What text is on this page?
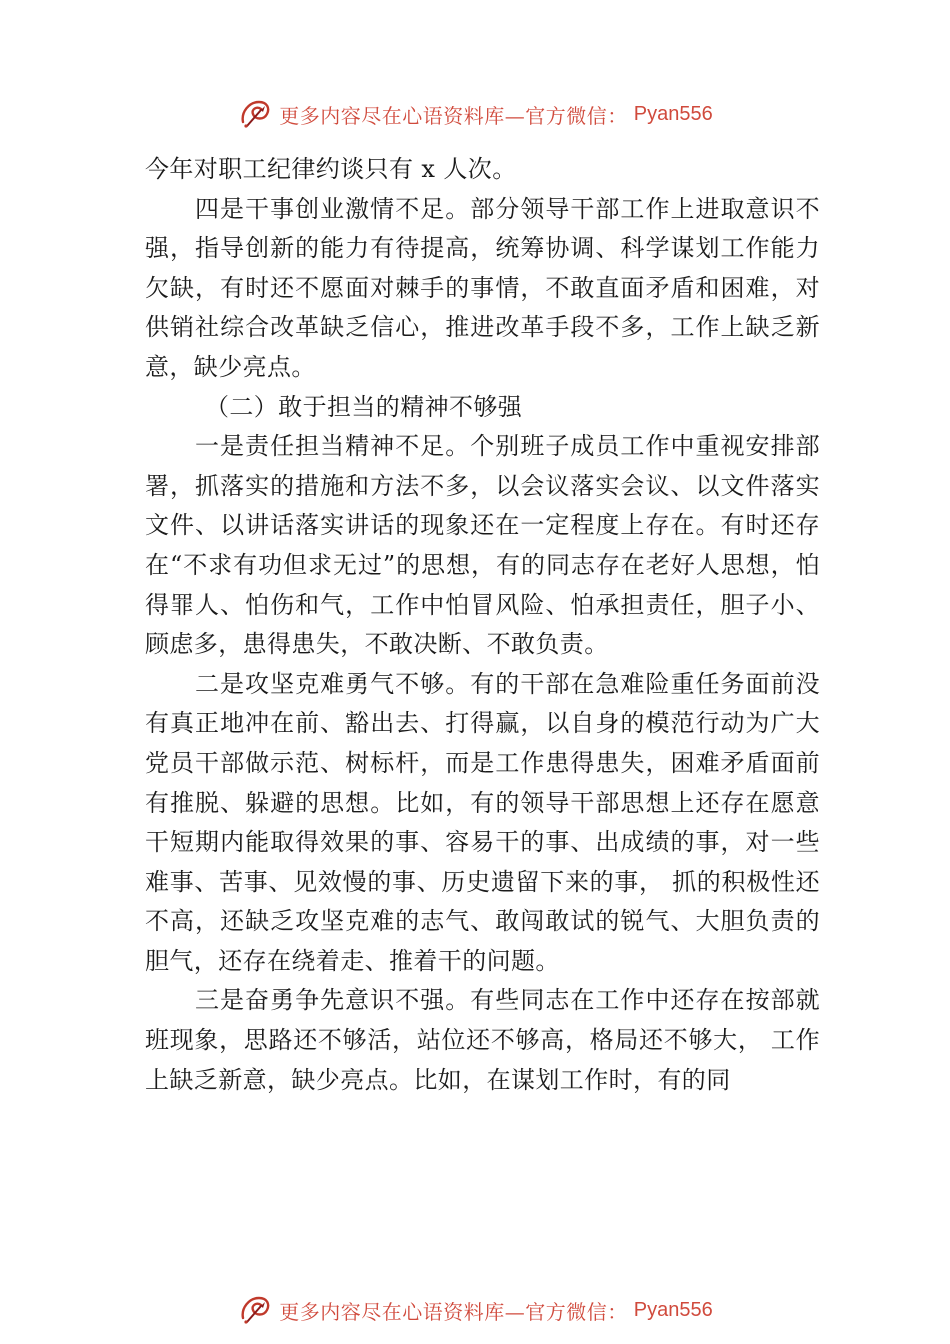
更多内容尽在心语资料库—官方微信： Pyan556

今年对职工纪律约谈只有 x 人次。

四是干事创业激情不足。部分领导干部工作上进取意识不强，指导创新的能力有待提高，统筹协调、科学谋划工作能力欠缺，有时还不愿面对棘手的事情，不敢直面矛盾和困难，对供销社综合改革缺乏信心，推进改革手段不多，工作上缺乏新意，缺少亮点。

（二）敢于担当的精神不够强

一是责任担当精神不足。个别班子成员工作中重视安排部署，抓落实的措施和方法不多，以会议落实会议、以文件落实文件、以讲话落实讲话的现象还在一定程度上存在。有时还存在“不求有功但求无过”的思想，有的同志存在老好人思想，怕得罪人、怕伤和气，工作中怕冒风险、怕承担责任，胆子小、顾虑多，患得患失，不敢决断、不敢负责。

二是攻坚克难勇气不够。有的干部在急难险重任务面前没有真正地冲在前、豁出去、打得赢，以自身的模范行动为广大党员干部做示范、树标杆，而是工作患得患失，困难矛盾面前有推脱、躲避的思想。比如，有的领导干部思想上还存在愿意干短期内能取得效果的事、容易干的事、出成绩的事，对一些难事、苦事、见效慢的事、历史遗留下来的事， 抓的积极性还不高，还缺乏攻坚克难的志气、敢闯敢试的锐气、大胆负责的胆气，还存在绕着走、推着干的问题。

三是奋勇争先意识不强。有些同志在工作中还存在按部就班现象，思路还不够活，站位还不够高，格局还不够大， 工作上缺乏新意，缺少亮点。比如，在谋划工作时，有的同

更多内容尽在心语资料库—官方微信： Pyan556
